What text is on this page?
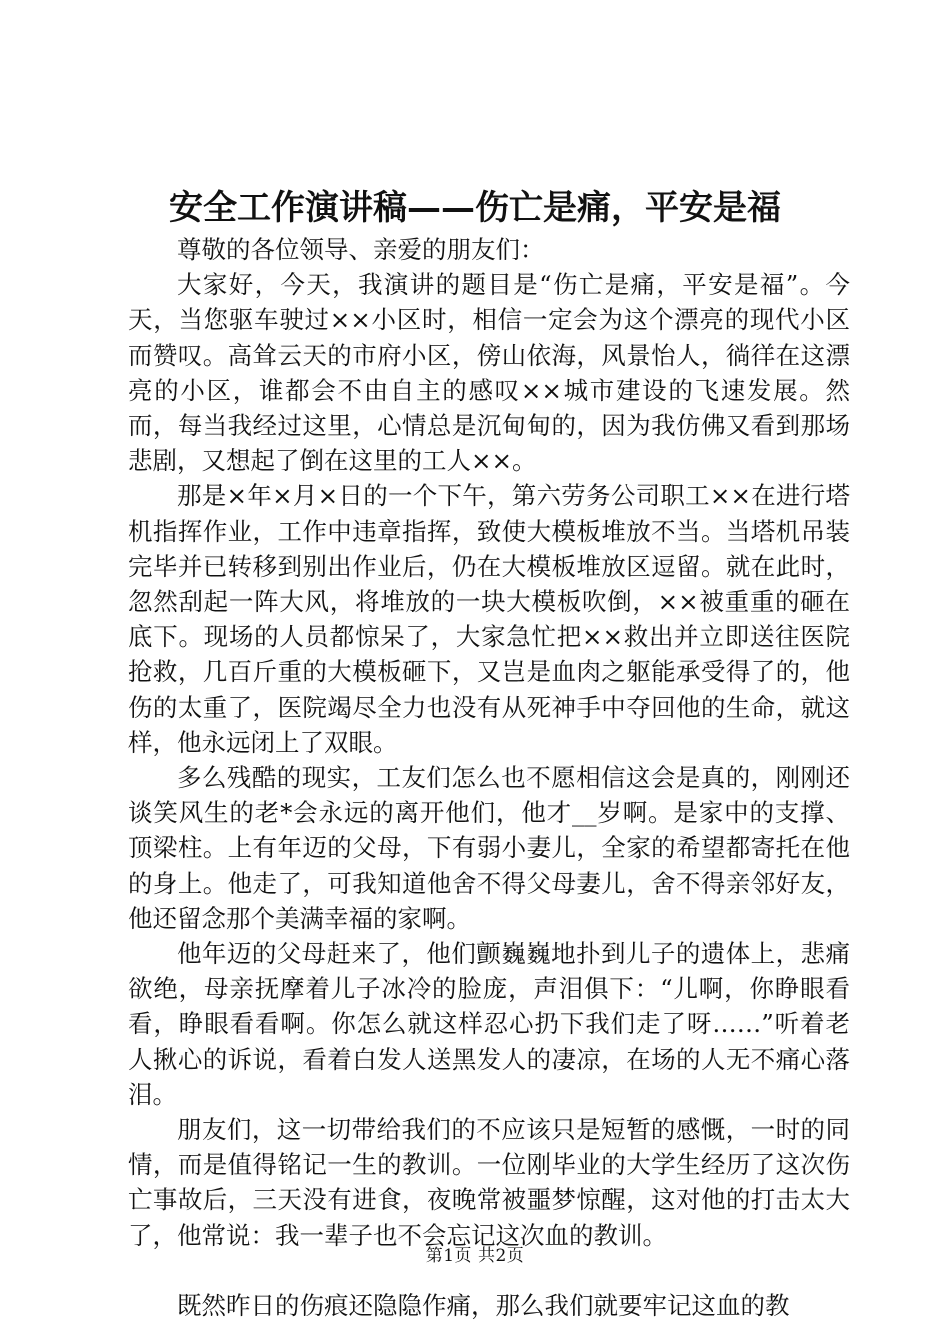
安全工作演讲稿——伤亡是痛，平安是福

尊敬的各位领导、亲爱的朋友们：

大家好，今天，我演讲的题目是“伤亡是痛，平安是福”。今天，当您驱车驶过××小区时，相信一定会为这个漂亮的现代小区而赞叹。高耸云天的市府小区，傍山依海，风景怡人，徜徉在这漂亮的小区，谁都会不由自主的感叹××城市建设的飞速发展。然而，每当我经过这里，心情总是沉甸甸的，因为我仿佛又看到那场悲剧，又想起了倒在这里的工人××。

那是×年×月×日的一个下午，第六劳务公司职工××在进行塔机指挥作业，工作中违章指挥，致使大模板堆放不当。当塔机吊装完毕并已转移到别出作业后，仍在大模板堆放区逗留。就在此时，忽然刮起一阵大风，将堆放的一块大模板吹倒，××被重重的砸在底下。现场的人员都惊呆了，大家急忙把××救出并立即送往医院抢救，几百斤重的大模板砸下，又岂是血肉之躯能承受得了的，他伤的太重了，医院竭尽全力也没有从死神手中夺回他的生命，就这样，他永远闭上了双眼。

多么残酷的现实，工友们怎么也不愿相信这会是真的，刚刚还谈笑风生的老*会永远的离开他们，他才__岁啊。是家中的支撑、顶梁柱。上有年迈的父母，下有弱小妻儿，全家的希望都寄托在他的身上。他走了，可我知道他舍不得父母妻儿，舍不得亲邻好友，他还留念那个美满幸福的家啊。

他年迈的父母赶来了，他们颤巍巍地扑到儿子的遗体上，悲痛欲绝，母亲抚摩着儿子冰冷的脸庞，声泪俱下：“儿啊，你睁眼看看，睁眼看看啊。你怎么就这样忍心扔下我们走了呀……”听着老人揪心的诉说，看着白发人送黑发人的凄凉，在场的人无不痛心落泪。

朋友们，这一切带给我们的不应该只是短暂的感慨，一时的同情，而是值得铭记一生的教训。一位刚毕业的大学生经历了这次伤亡事故后，三天没有进食，夜晚常被噩梦惊醒，这对他的打击太大了，他常说：我一辈子也不会忘记这次血的教训。

既然昨日的伤痕还隐隐作痛，那么我们就要牢记这血的教

第1页 共2页
